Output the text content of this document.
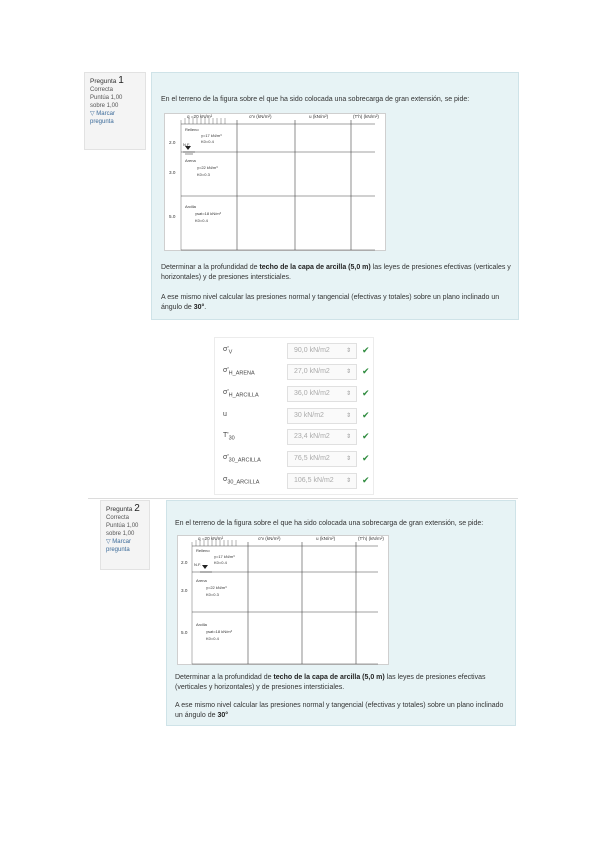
Pregunta 1
Correcta
Puntúa 1,00
sobre 1,00
▽ Marcar
pregunta
En el terreno de la figura sobre el que ha sido colocada una sobrecarga de gran extensión, se pide:
q =20 kN/m²	σ'v (kN/m²)	u (kN/m²)	(T'h) (kN/m²)
2.0
3.0
5.0
N.F.
Relleno
γ=17 kN/m³
K0=0.4
Arena
γ=22 kN/m³
K0=0.3
Arcilla
γsat=18 kN/m³
K0=0.4
Determinar a la profundidad de techo de la capa de arcilla (5,0 m) las leyes de presiones efectivas (verticales y horizontales) y de presiones intersticiales.
A ese mismo nivel calcular las presiones normal y tangencial (efectivas y totales) sobre un plano inclinado un ángulo de 30°.
$\sigma'_V$	90,0 kN/m2	⇕ ✔
$\sigma'_{H\_ARENA}$	27,0 kN/m2	⇕ ✔
$\sigma'_{H\_ARCILLA}$	36,0 kN/m2	⇕ ✔
u	30 kN/m2	⇕ ✔
$T'_{30}$	23,4 kN/m2	⇕ ✔
$\sigma'_{30\_ARCILLA}$	76,5 kN/m2	⇕ ✔
$\sigma_{30\_ARCILLA}$	106,5 kN/m2 ⇕ ✔
Pregunta 2
Correcta
Puntúa 1,00
sobre 1,00
▽ Marcar
pregunta
En el terreno de la figura sobre el que ha sido colocada una sobrecarga de gran extensión, se pide:
q =20 kN/m²	σ'v (kN/m²)	u (kN/m²)	(T'h) (kN/m²)
2.0
3.0
5.0
N.F.
Relleno
γ=17 kN/m³
K0=0.4
Arena
γ=22 kN/m³
K0=0.3
Arcilla
γsat=18 kN/m³
K0=0.4
Determinar a la profundidad de techo de la capa de arcilla (5,0 m) las leyes de presiones efectivas (verticales y horizontales) y de presiones intersticiales.
A ese mismo nivel calcular las presiones normal y tangencial (efectivas y totales) sobre un plano inclinado un ángulo de 30°
